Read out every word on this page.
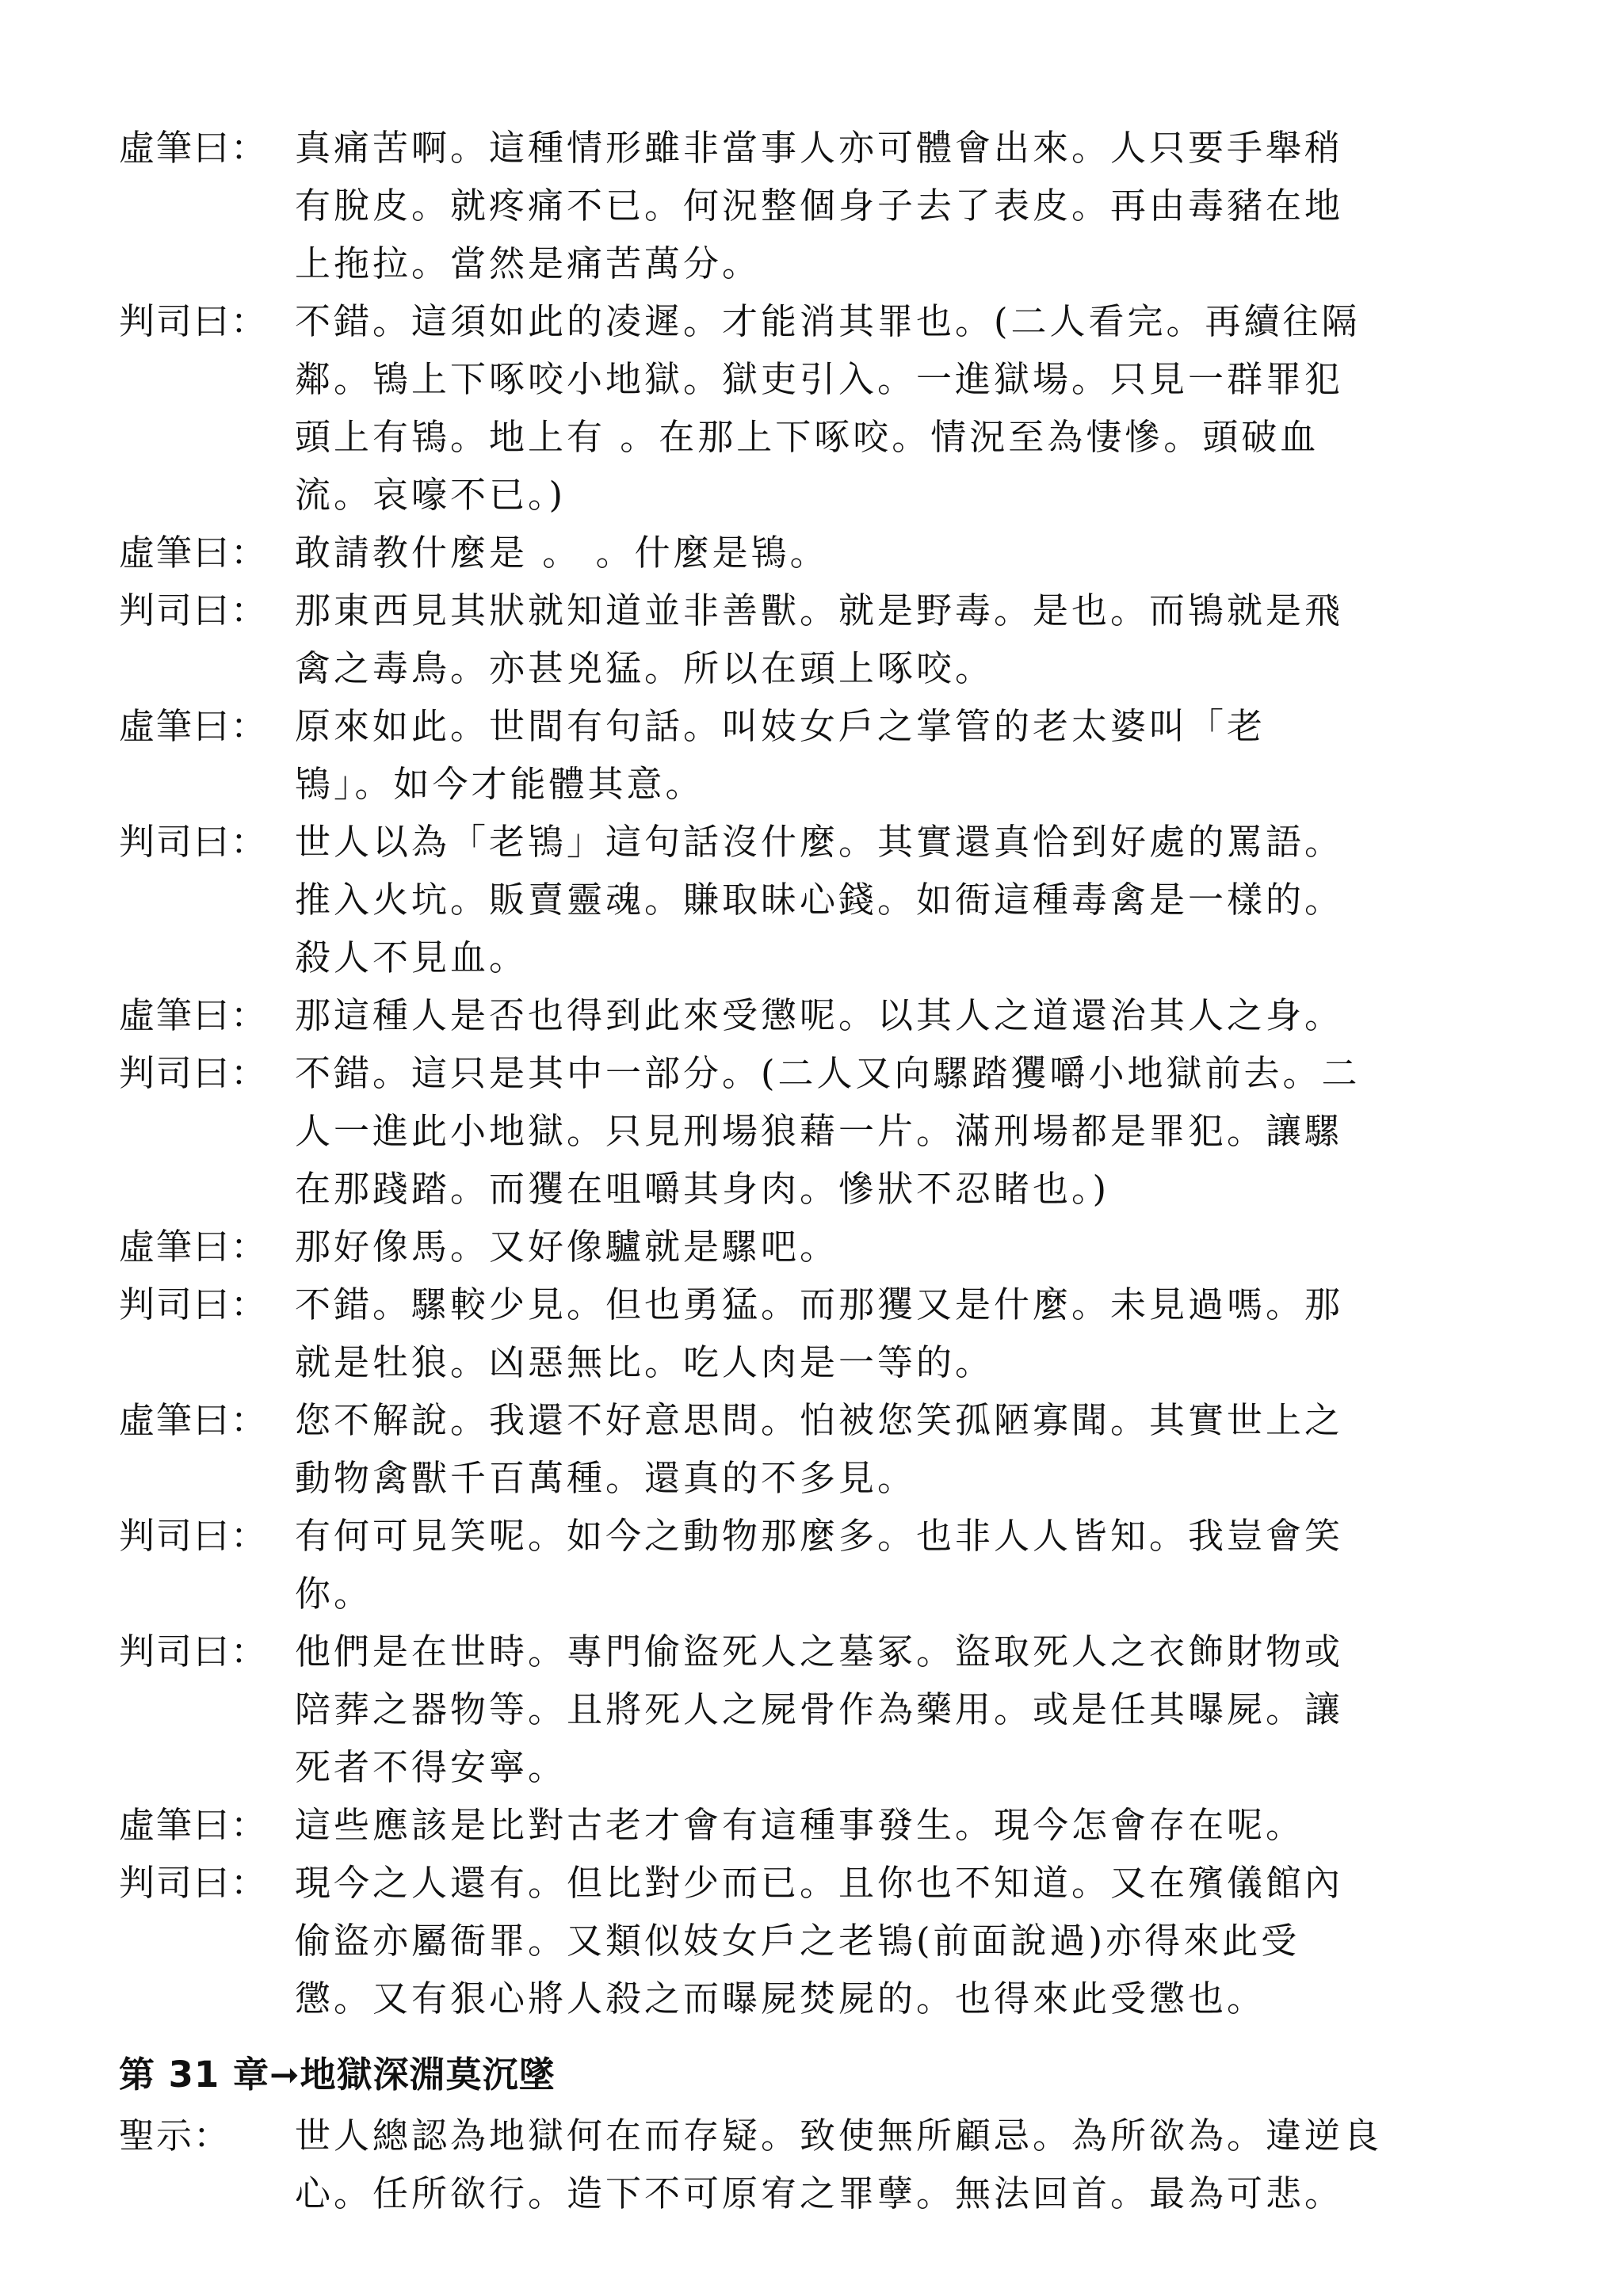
虛筆曰： 真痛苦啊。這種情形雖非當事人亦可體會出來。人只要手舉稍
有脫皮。就疼痛不已。何況整個身子去了表皮。再由毒豬在地
上拖拉。當然是痛苦萬分。
判司曰： 不錯。這須如此的凌遲。才能消其罪也。(二人看完。再續往隔
鄰。鴇上下啄咬小地獄。獄吏引入。一進獄場。只見一群罪犯
頭上有鴇。地上有 。在那上下啄咬。情況至為悽慘。頭破血
流。哀嚎不已。)
虛筆曰： 敢請教什麼是 。 。什麼是鴇。
判司曰： 那東西見其狀就知道並非善獸。就是野毒。是也。而鴇就是飛
禽之毒鳥。亦甚兇猛。所以在頭上啄咬。
虛筆曰： 原來如此。世間有句話。叫妓女戶之掌管的老太婆叫「老
鴇」。如今才能體其意。
判司曰： 世人以為「老鴇」這句話沒什麼。其實還真恰到好處的罵語。
推入火坑。販賣靈魂。賺取昧心錢。如衙這種毒禽是一樣的。
殺人不見血。
虛筆曰： 那這種人是否也得到此來受懲呢。以其人之道還治其人之身。
判司曰： 不錯。這只是其中一部分。(二人又向騾踏玃嚼小地獄前去。二
人一進此小地獄。只見刑場狼藉一片。滿刑場都是罪犯。讓騾
在那踐踏。而玃在咀嚼其身肉。慘狀不忍睹也。)
虛筆曰： 那好像馬。又好像驢就是騾吧。
判司曰： 不錯。騾較少見。但也勇猛。而那玃又是什麼。未見過嗎。那
就是牡狼。凶惡無比。吃人肉是一等的。
虛筆曰： 您不解說。我還不好意思問。怕被您笑孤陋寡聞。其實世上之
動物禽獸千百萬種。還真的不多見。
判司曰： 有何可見笑呢。如今之動物那麼多。也非人人皆知。我豈會笑
你。
判司曰： 他們是在世時。專門偷盜死人之墓冢。盜取死人之衣飾財物或
陪葬之器物等。且將死人之屍骨作為藥用。或是任其曝屍。讓
死者不得安寧。
虛筆曰： 這些應該是比對古老才會有這種事發生。現今怎會存在呢。
判司曰： 現今之人還有。但比對少而已。且你也不知道。又在殯儀館內
偷盜亦屬衙罪。又類似妓女戶之老鴇(前面說過)亦得來此受
懲。又有狠心將人殺之而曝屍焚屍的。也得來此受懲也。
第 31 章➞地獄深淵莫沉墜
聖示：	世人總認為地獄何在而存疑。致使無所顧忌。為所欲為。違逆良
心。任所欲行。造下不可原宥之罪孽。無法回首。最為可悲。
